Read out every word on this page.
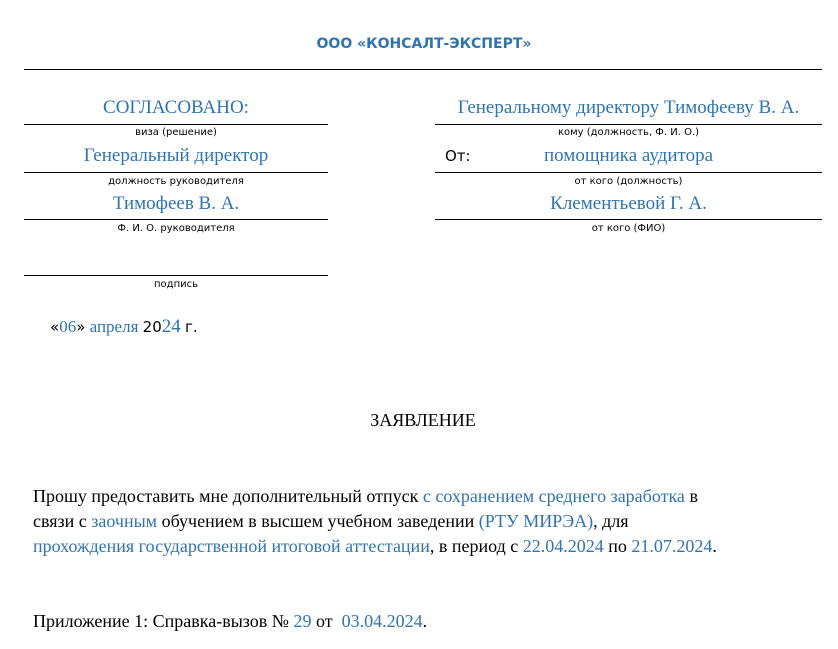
ООО «КОНСАЛТ-ЭКСПЕРТ»
СОГЛАСОВАНО:
виза (решение)
Генеральный директор
должность руководителя
Тимофеев В. А.
Ф. И. О. руководителя
подпись

«06» апреля 2024 г.

Генеральному директору Тимофееву В. А.
кому (должность, Ф. И. О.)
От:	помощника аудитора
от кого (должность)
Клементьевой Г. А.
от кого (ФИО)
ЗАЯВЛЕНИЕ
Прошу предоставить мне дополнительный отпуск с сохранением среднего заработка в
связи с заочным обучением в высшем учебном заведении (РТУ МИРЭА), для
прохождения государственной итоговой аттестации, в период с 22.04.2024 по 21.07.2024.
Приложение 1: Справка-вызов № 29 от  03.04.2024.
